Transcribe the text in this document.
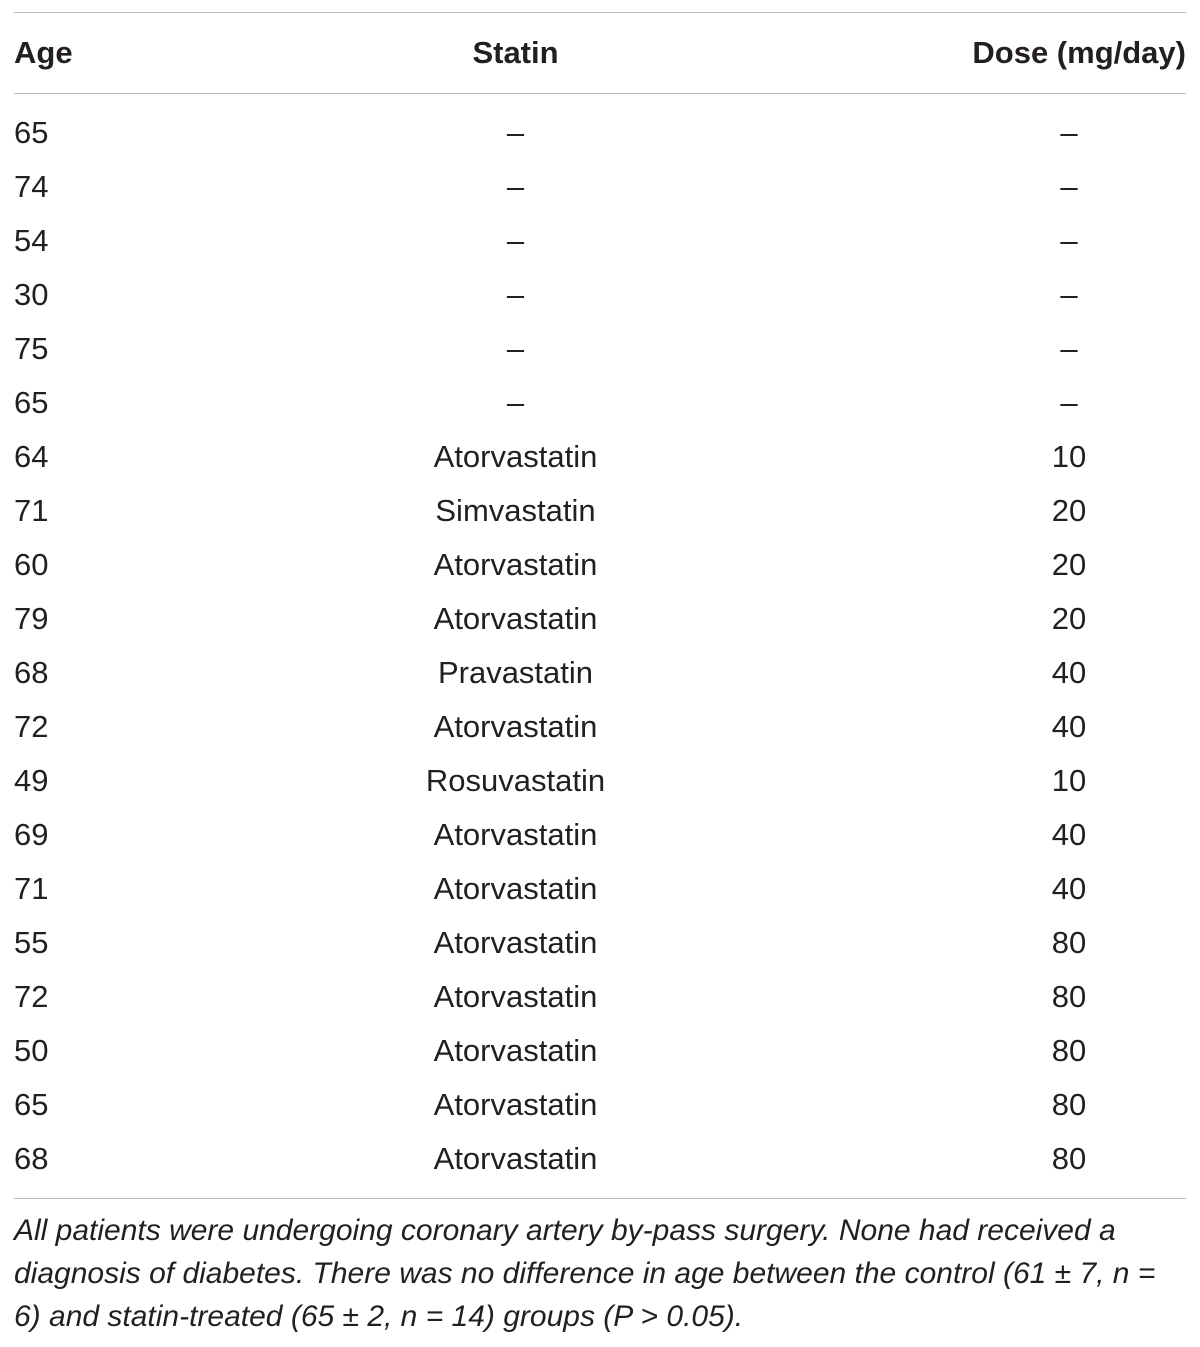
Age	Statin	Dose (mg/day)
65	–	–
74	–	–
54	–	–
30	–	–
75	–	–
65	–	–
64	Atorvastatin	10
71	Simvastatin	20
60	Atorvastatin	20
79	Atorvastatin	20
68	Pravastatin	40
72	Atorvastatin	40
49	Rosuvastatin	10
69	Atorvastatin	40
71	Atorvastatin	40
55	Atorvastatin	80
72	Atorvastatin	80
50	Atorvastatin	80
65	Atorvastatin	80
68	Atorvastatin	80
All patients were undergoing coronary artery by-pass surgery. None had received a diagnosis of diabetes. There was no difference in age between the control (61 ± 7, n = 6) and statin-treated (65 ± 2, n = 14) groups (P > 0.05).
